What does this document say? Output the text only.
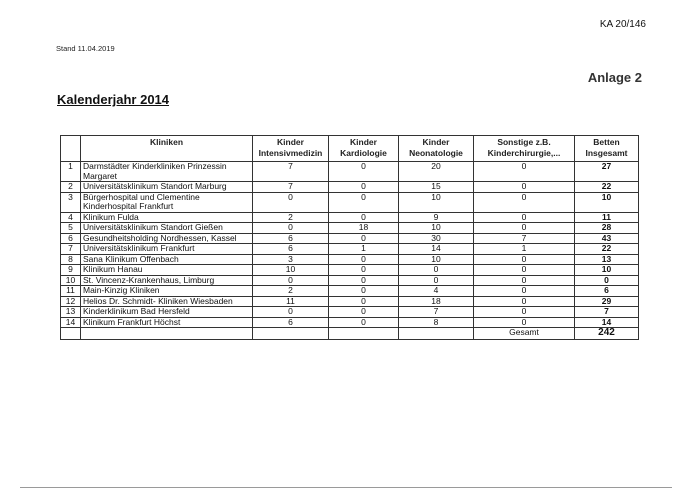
KA 20/146
Stand 11.04.2019
Anlage 2
Kalenderjahr 2014
	Kliniken	Kinder Intensivmedizin	Kinder Kardiologie	Kinder Neonatologie	Sonstige z.B. Kinderchirurgie,...	Betten Insgesamt
1	Darmstädter Kinderkliniken Prinzessin Margaret	7	0	20	0	27
2	Universitätsklinikum Standort Marburg	7	0	15	0	22
3	Bürgerhospital und Clementine Kinderhospital Frankfurt	0	0	10	0	10
4	Klinikum Fulda	2	0	9	0	11
5	Universitätsklinikum Standort Gießen	0	18	10	0	28
6	Gesundheitsholding Nordhessen, Kassel	6	0	30	7	43
7	Universitätsklinikum Frankfurt	6	1	14	1	22
8	Sana Klinikum Offenbach	3	0	10	0	13
9	Klinikum Hanau	10	0	0	0	10
10	St. Vincenz-Krankenhaus, Limburg	0	0	0	0	0
11	Main-Kinzig Kliniken	2	0	4	0	6
12	Helios Dr. Schmidt- Kliniken Wiesbaden	11	0	18	0	29
13	Kinderklinikum Bad Hersfeld	0	0	7	0	7
14	Klinikum Frankfurt Höchst	6	0	8	0	14
					Gesamt	242
